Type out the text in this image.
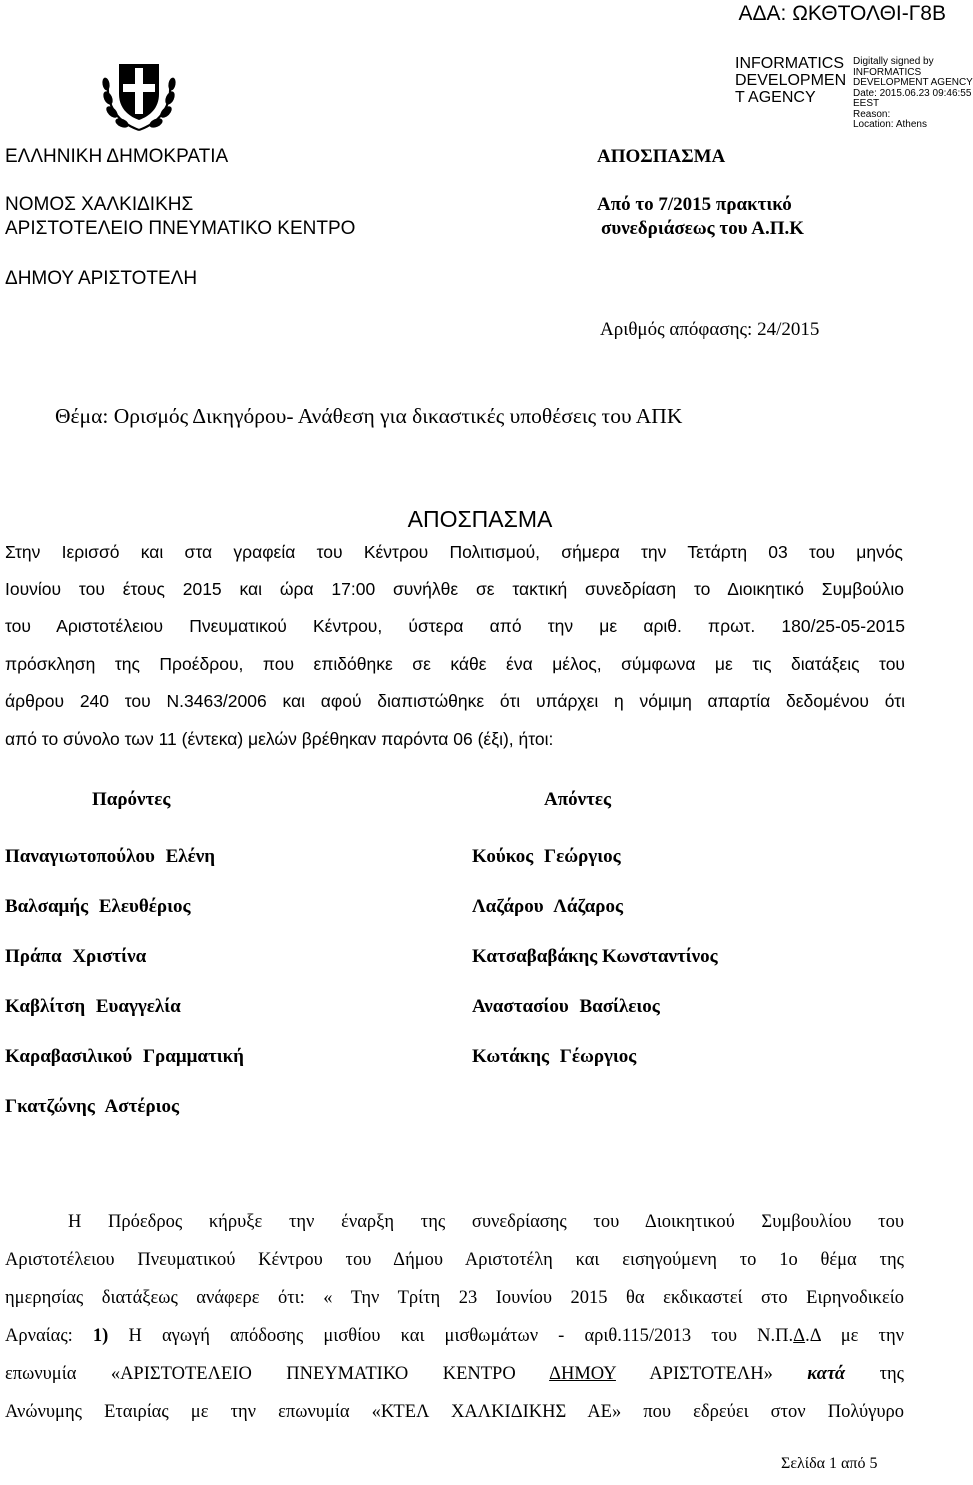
ΑΔΑ: ΩΚΘΤΟΛΘΙ-Γ8Β
INFORMATICS DEVELOPMEN T AGENCY
Digitally signed by
INFORMATICS
DEVELOPMENT AGENCY
Date: 2015.06.23 09:46:55
EEST
Reason:
Location: Athens
ΕΛΛΗΝΙΚΗ ΔΗΜΟΚΡΑΤΙΑ
ΝΟΜΟΣ ΧΑΛΚΙΔΙΚΗΣ
ΑΡΙΣΤΟΤΕΛΕΙΟ ΠΝΕΥΜΑΤΙΚΟ ΚΕΝΤΡΟ
ΔΗΜΟΥ ΑΡΙΣΤΟΤΕΛΗ
ΑΠΟΣΠΑΣΜΑ
Από το 7/2015 πρακτικό
συνεδριάσεως του Α.Π.Κ
Αριθμός απόφασης: 24/2015
Θέμα: Ορισμός Δικηγόρου- Ανάθεση για δικαστικές υποθέσεις του ΑΠΚ
ΑΠΟΣΠΑΣΜΑ
Στην Ιερισσό και στα γραφεία του Κέντρου Πολιτισμού, σήμερα την Τετάρτη 03 του μηνός
Ιουνίου του έτους 2015 και ώρα 17:00 συνήλθε σε τακτική συνεδρίαση το Διοικητικό Συμβούλιο
του Αριστοτέλειου Πνευματικού Κέντρου, ύστερα από την με αριθ. πρωτ. 180/25-05-2015
πρόσκληση της Προέδρου, που επιδόθηκε σε κάθε ένα μέλος, σύμφωνα με τις διατάξεις του
άρθρου 240 του Ν.3463/2006 και αφού διαπιστώθηκε ότι υπάρχει η νόμιμη απαρτία δεδομένου ότι
από το σύνολο των 11 (έντεκα) μελών βρέθηκαν παρόντα 06 (έξι), ήτοι:
Παρόντες	Απόντες
Παναγιωτοπούλου Ελένη
Βαλσαμής Ελευθέριος
Πράπα Χριστίνα
Καβλίτση Ευαγγελία
Καραβασιλικού Γραμματική
Γκατζώνης Αστέριος
Κούκος Γεώργιος
Λαζάρου Λάζαρος
Κατσαβαβάκης Κωνσταντίνος
Αναστασίου Βασίλειος
Κωτάκης Γέωργιος
Η Πρόεδρος κήρυξε την έναρξη της συνεδρίασης του Διοικητικού Συμβουλίου του
Αριστοτέλειου Πνευματικού Κέντρου του Δήμου Αριστοτέλη και εισηγούμενη το 1ο θέμα της
ημερησίας διατάξεως ανάφερε ότι: « Την Τρίτη 23 Ιουνίου 2015 θα εκδικαστεί στο Ειρηνοδικείο
Αρναίας: 1) Η αγωγή απόδοσης μισθίου και μισθωμάτων - αριθ.115/2013 του Ν.Π.Δ.Δ με την
επωνυμία «ΑΡΙΣΤΟΤΕΛΕΙΟ ΠΝΕΥΜΑΤΙΚΟ ΚΕΝΤΡΟ ΔΗΜΟΥ ΑΡΙΣΤΟΤΕΛΗ» κατά της
Ανώνυμης Εταιρίας με την επωνυμία «ΚΤΕΛ ΧΑΛΚΙΔΙΚΗΣ ΑΕ» που εδρεύει στον Πολύγυρο
Σελίδα 1 από 5
